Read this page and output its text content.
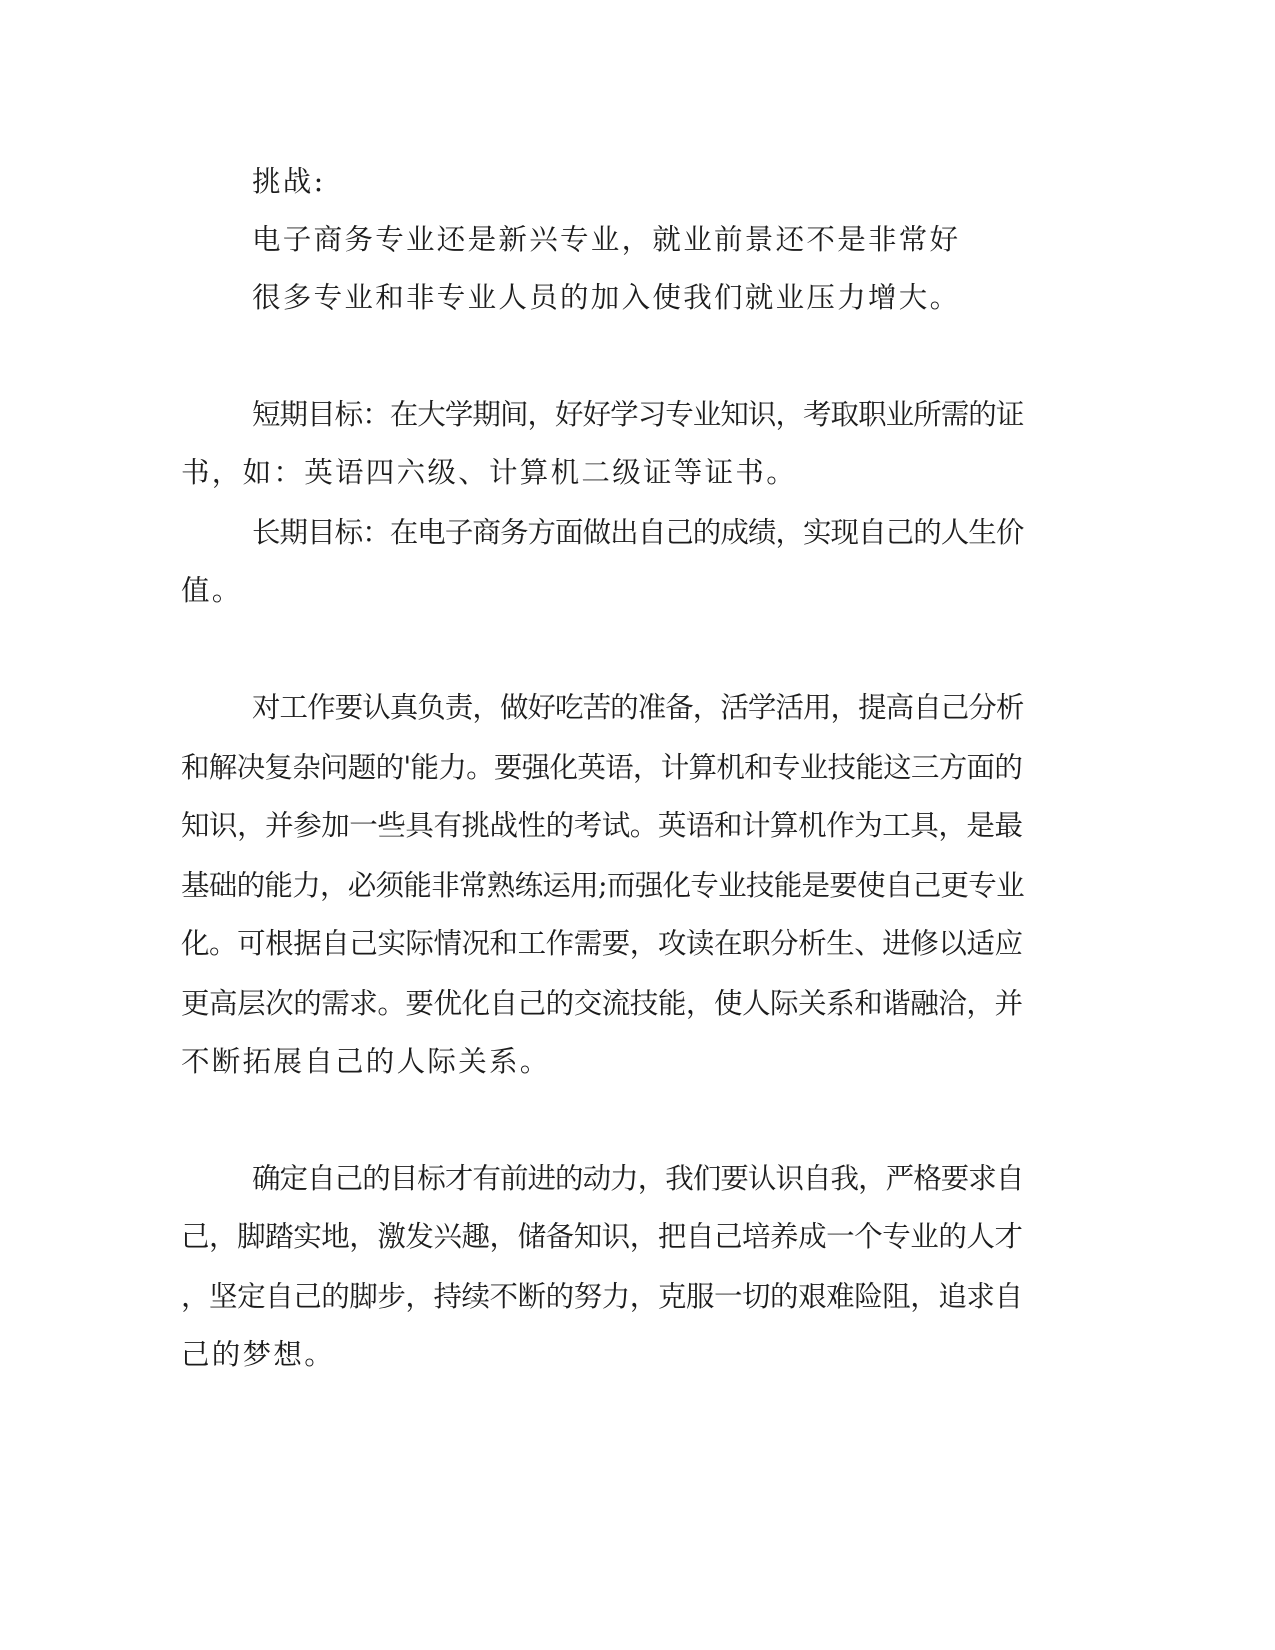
挑战:

电子商务专业还是新兴专业，就业前景还不是非常好

很多专业和非专业人员的加入使我们就业压力增大。

短期目标：在大学期间，好好学习专业知识，考取职业所需的证

书，如：英语四六级、计算机二级证等证书。

长期目标：在电子商务方面做出自己的成绩，实现自己的人生价

值。

对工作要认真负责，做好吃苦的准备，活学活用，提高自己分析

和解决复杂问题的'能力。要强化英语，计算机和专业技能这三方面的

知识，并参加一些具有挑战性的考试。英语和计算机作为工具，是最

基础的能力，必须能非常熟练运用;而强化专业技能是要使自己更专业

化。可根据自己实际情况和工作需要，攻读在职分析生、进修以适应

更高层次的需求。要优化自己的交流技能，使人际关系和谐融洽，并

不断拓展自己的人际关系。

确定自己的目标才有前进的动力，我们要认识自我，严格要求自

己，脚踏实地，激发兴趣，储备知识，把自己培养成一个专业的人才

，坚定自己的脚步，持续不断的努力，克服一切的艰难险阻，追求自

己的梦想。
